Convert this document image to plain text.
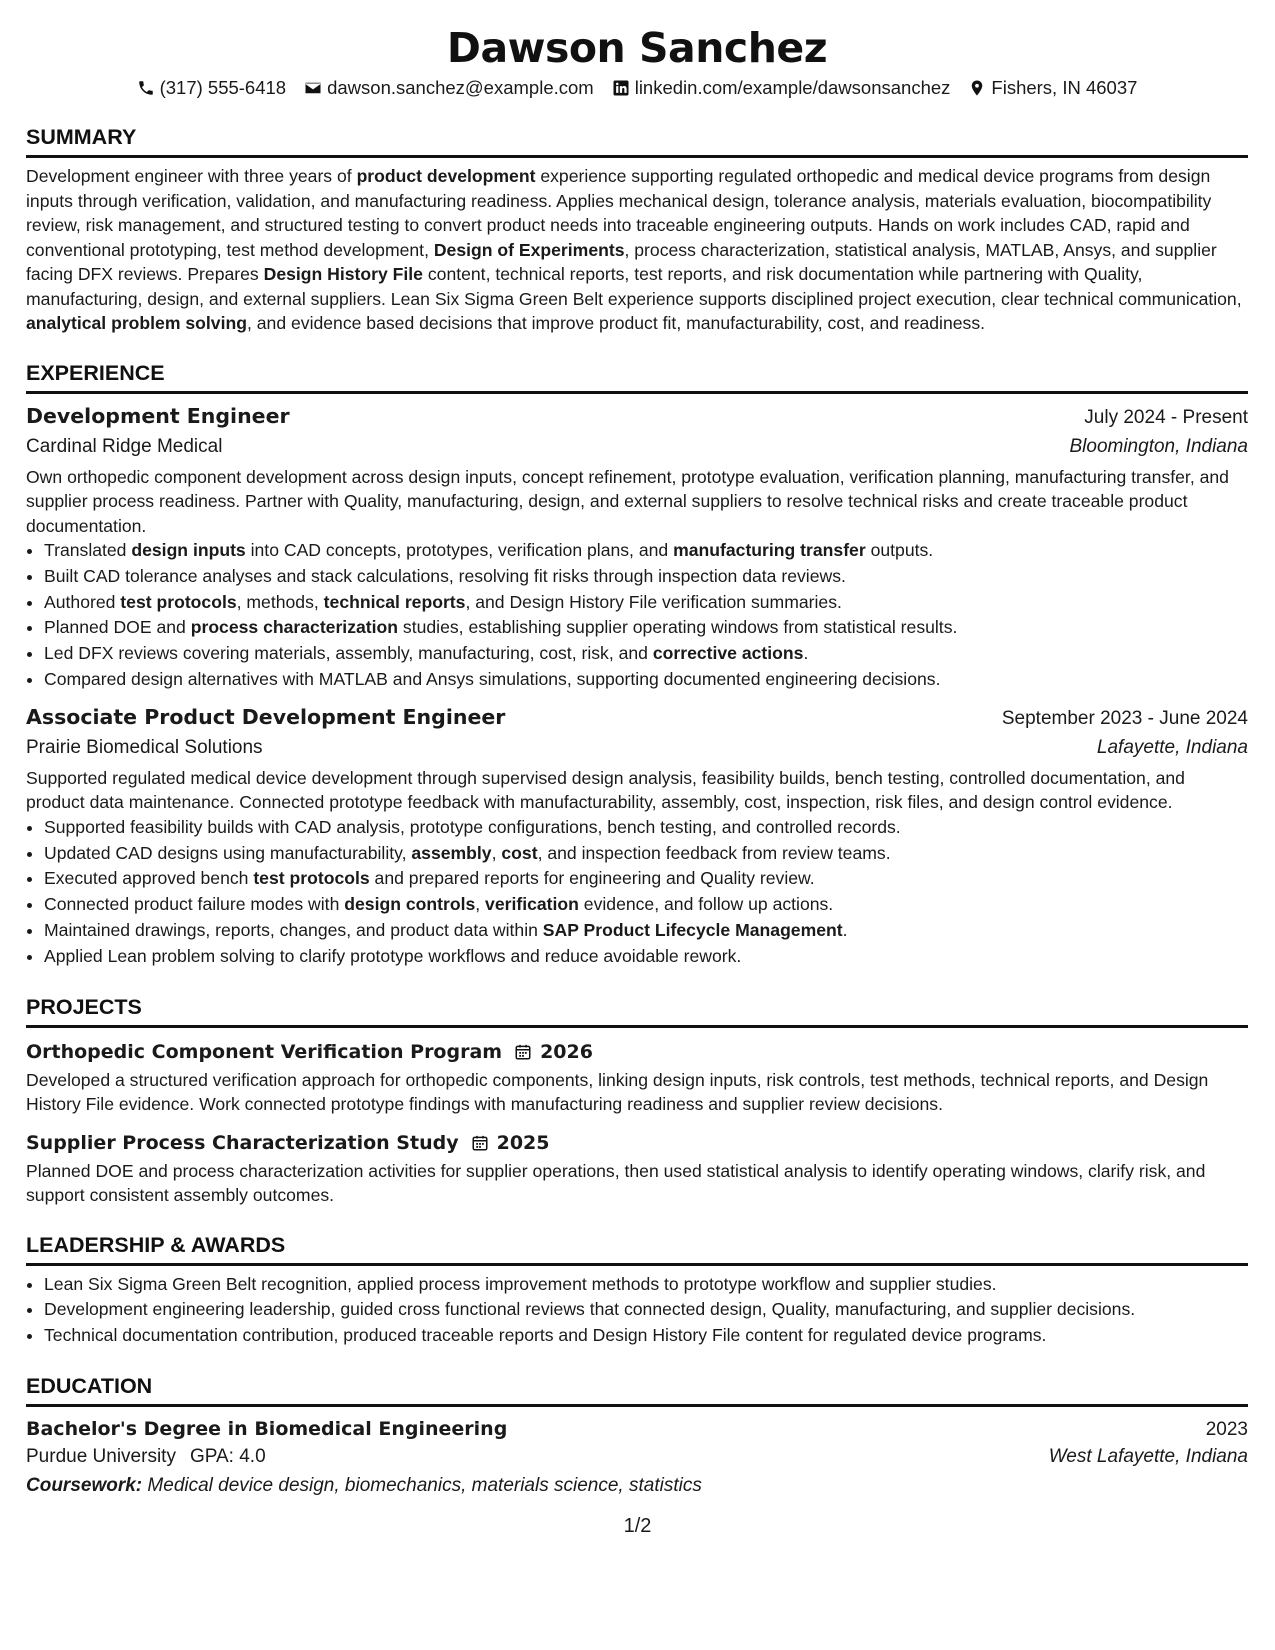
Dawson Sanchez
(317) 555-6418 dawson.sanchez@example.com linkedin.com/example/dawsonsanchez Fishers, IN 46037
SUMMARY

Development engineer with three years of product development experience supporting regulated orthopedic and medical device programs from design inputs through verification, validation, and manufacturing readiness. Applies mechanical design, tolerance analysis, materials evaluation, biocompatibility review, risk management, and structured testing to convert product needs into traceable engineering outputs. Hands on work includes CAD, rapid and conventional prototyping, test method development, Design of Experiments, process characterization, statistical analysis, MATLAB, Ansys, and supplier facing DFX reviews. Prepares Design History File content, technical reports, test reports, and risk documentation while partnering with Quality, manufacturing, design, and external suppliers. Lean Six Sigma Green Belt experience supports disciplined project execution, clear technical communication, analytical problem solving, and evidence based decisions that improve product fit, manufacturability, cost, and readiness.

EXPERIENCE
Development Engineer	July 2024 - Present
Cardinal Ridge Medical	Bloomington, Indiana

Own orthopedic component development across design inputs, concept refinement, prototype evaluation, verification planning, manufacturing transfer, and supplier process readiness. Partner with Quality, manufacturing, design, and external suppliers to resolve technical risks and create traceable product documentation.

• Translated design inputs into CAD concepts, prototypes, verification plans, and manufacturing transfer outputs.
• Built CAD tolerance analyses and stack calculations, resolving fit risks through inspection data reviews.
• Authored test protocols, methods, technical reports, and Design History File verification summaries.
• Planned DOE and process characterization studies, establishing supplier operating windows from statistical results.
• Led DFX reviews covering materials, assembly, manufacturing, cost, risk, and corrective actions.
• Compared design alternatives with MATLAB and Ansys simulations, supporting documented engineering decisions.
Associate Product Development Engineer	September 2023 - June 2024
Prairie Biomedical Solutions	Lafayette, Indiana

Supported regulated medical device development through supervised design analysis, feasibility builds, bench testing, controlled documentation, and product data maintenance. Connected prototype feedback with manufacturability, assembly, cost, inspection, risk files, and design control evidence.

• Supported feasibility builds with CAD analysis, prototype configurations, bench testing, and controlled records.
• Updated CAD designs using manufacturability, assembly, cost, and inspection feedback from review teams.
• Executed approved bench test protocols and prepared reports for engineering and Quality review.
• Connected product failure modes with design controls, verification evidence, and follow up actions.
• Maintained drawings, reports, changes, and product data within SAP Product Lifecycle Management.
• Applied Lean problem solving to clarify prototype workflows and reduce avoidable rework.
PROJECTS
Orthopedic Component Verification Program 2026

Developed a structured verification approach for orthopedic components, linking design inputs, risk controls, test methods, technical reports, and Design History File evidence. Work connected prototype findings with manufacturing readiness and supplier review decisions.

Supplier Process Characterization Study 2025

Planned DOE and process characterization activities for supplier operations, then used statistical analysis to identify operating windows, clarify risk, and support consistent assembly outcomes.

LEADERSHIP & AWARDS
• Lean Six Sigma Green Belt recognition, applied process improvement methods to prototype workflow and supplier studies.
• Development engineering leadership, guided cross functional reviews that connected design, Quality, manufacturing, and supplier decisions.
• Technical documentation contribution, produced traceable reports and Design History File content for regulated device programs.
EDUCATION
Bachelor's Degree in Biomedical Engineering	2023
Purdue University GPA: 4.0	West Lafayette, Indiana
Coursework: Medical device design, biomechanics, materials science, statistics
1/2
